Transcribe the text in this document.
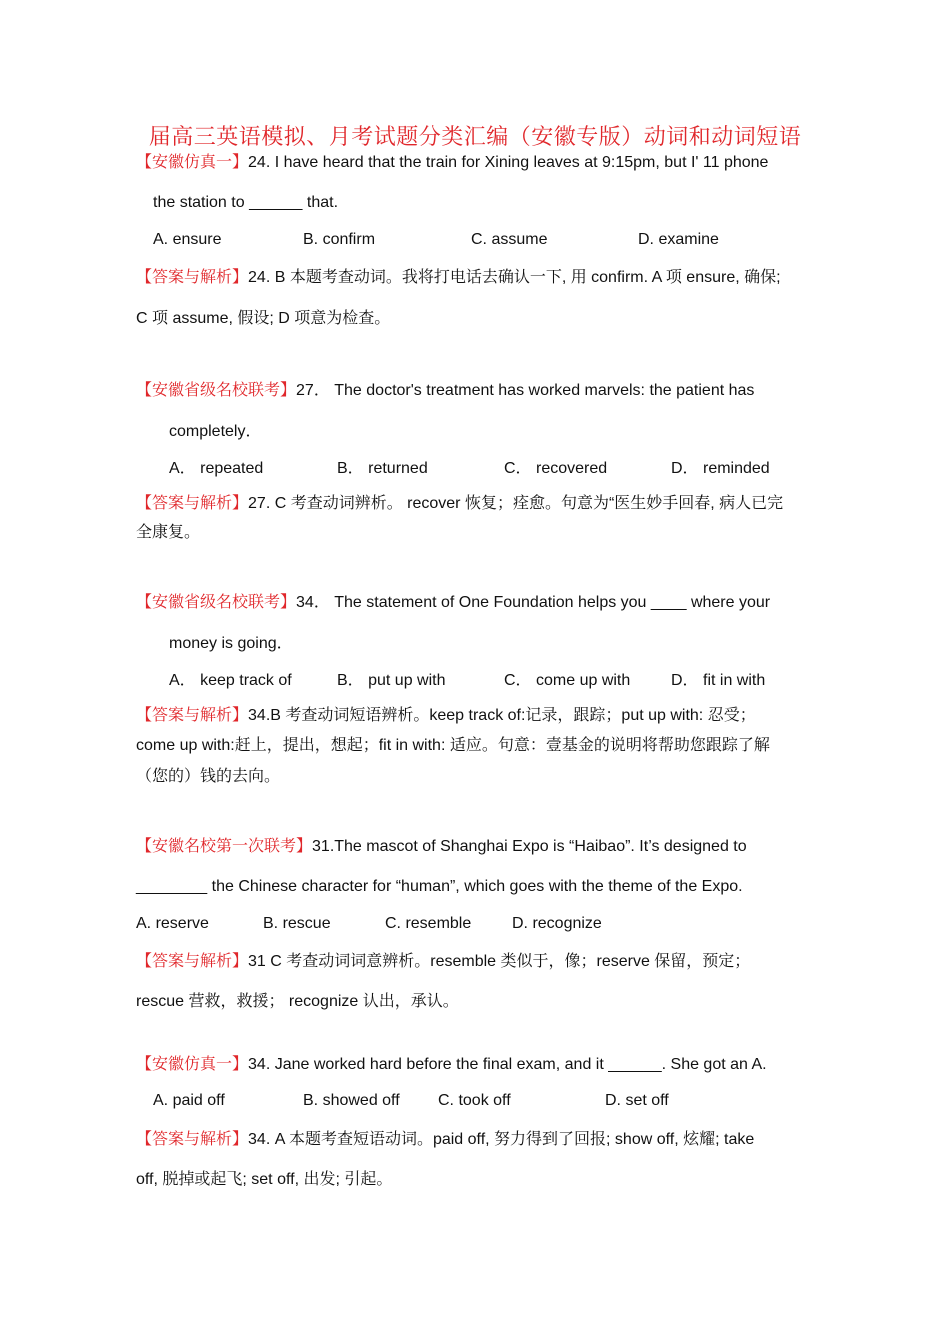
届高三英语模拟、月考试题分类汇编（安徽专版）动词和动词短语
【安徽仿真一】24. I have heard that the train for Xining leaves at 9:15pm, but I' 11 phone
the station to ______ that.
A. ensure	B. confirm	C. assume	D. examine
【答案与解析】24. B 本题考查动词。我将打电话去确认一下, 用 confirm. A 项 ensure, 确保;
C 项 assume, 假设; D 项意为检查。
【安徽省级名校联考】27． The doctor's treatment has worked marvels: the patient has
completely．
A． repeated	B． returned	C． recovered	D． reminded
【答案与解析】27. C 考查动词辨析。 recover 恢复；痊愈。句意为“医生妙手回春, 病人已完
全康复。
【安徽省级名校联考】34． The statement of One Foundation helps you ____ where your
money is going．
A． keep track of	B． put up with	C． come up with	D． fit in with
【答案与解析】34.B 考查动词短语辨析。keep track of:记录，跟踪；put up with: 忍受；
come up with:赶上，提出，想起；fit in with: 适应。句意：壹基金的说明将帮助您跟踪了解
（您的）钱的去向。
【安徽名校第一次联考】31.The mascot of Shanghai Expo is “Haibao”. It’s designed to
________ the Chinese character for “human”, which goes with the theme of the Expo.
A. reserve	B. rescue	C. resemble	D. recognize
【答案与解析】31 C 考查动词词意辨析。resemble 类似于，像；reserve 保留，预定；
rescue 营救，救援； recognize 认出，承认。
【安徽仿真一】34. Jane worked hard before the final exam, and it ______. She got an A.
A. paid off	B. showed off C. took off	D. set off
【答案与解析】34. A 本题考查短语动词。paid off, 努力得到了回报; show off, 炫耀; take
off, 脱掉或起飞; set off, 出发; 引起。
